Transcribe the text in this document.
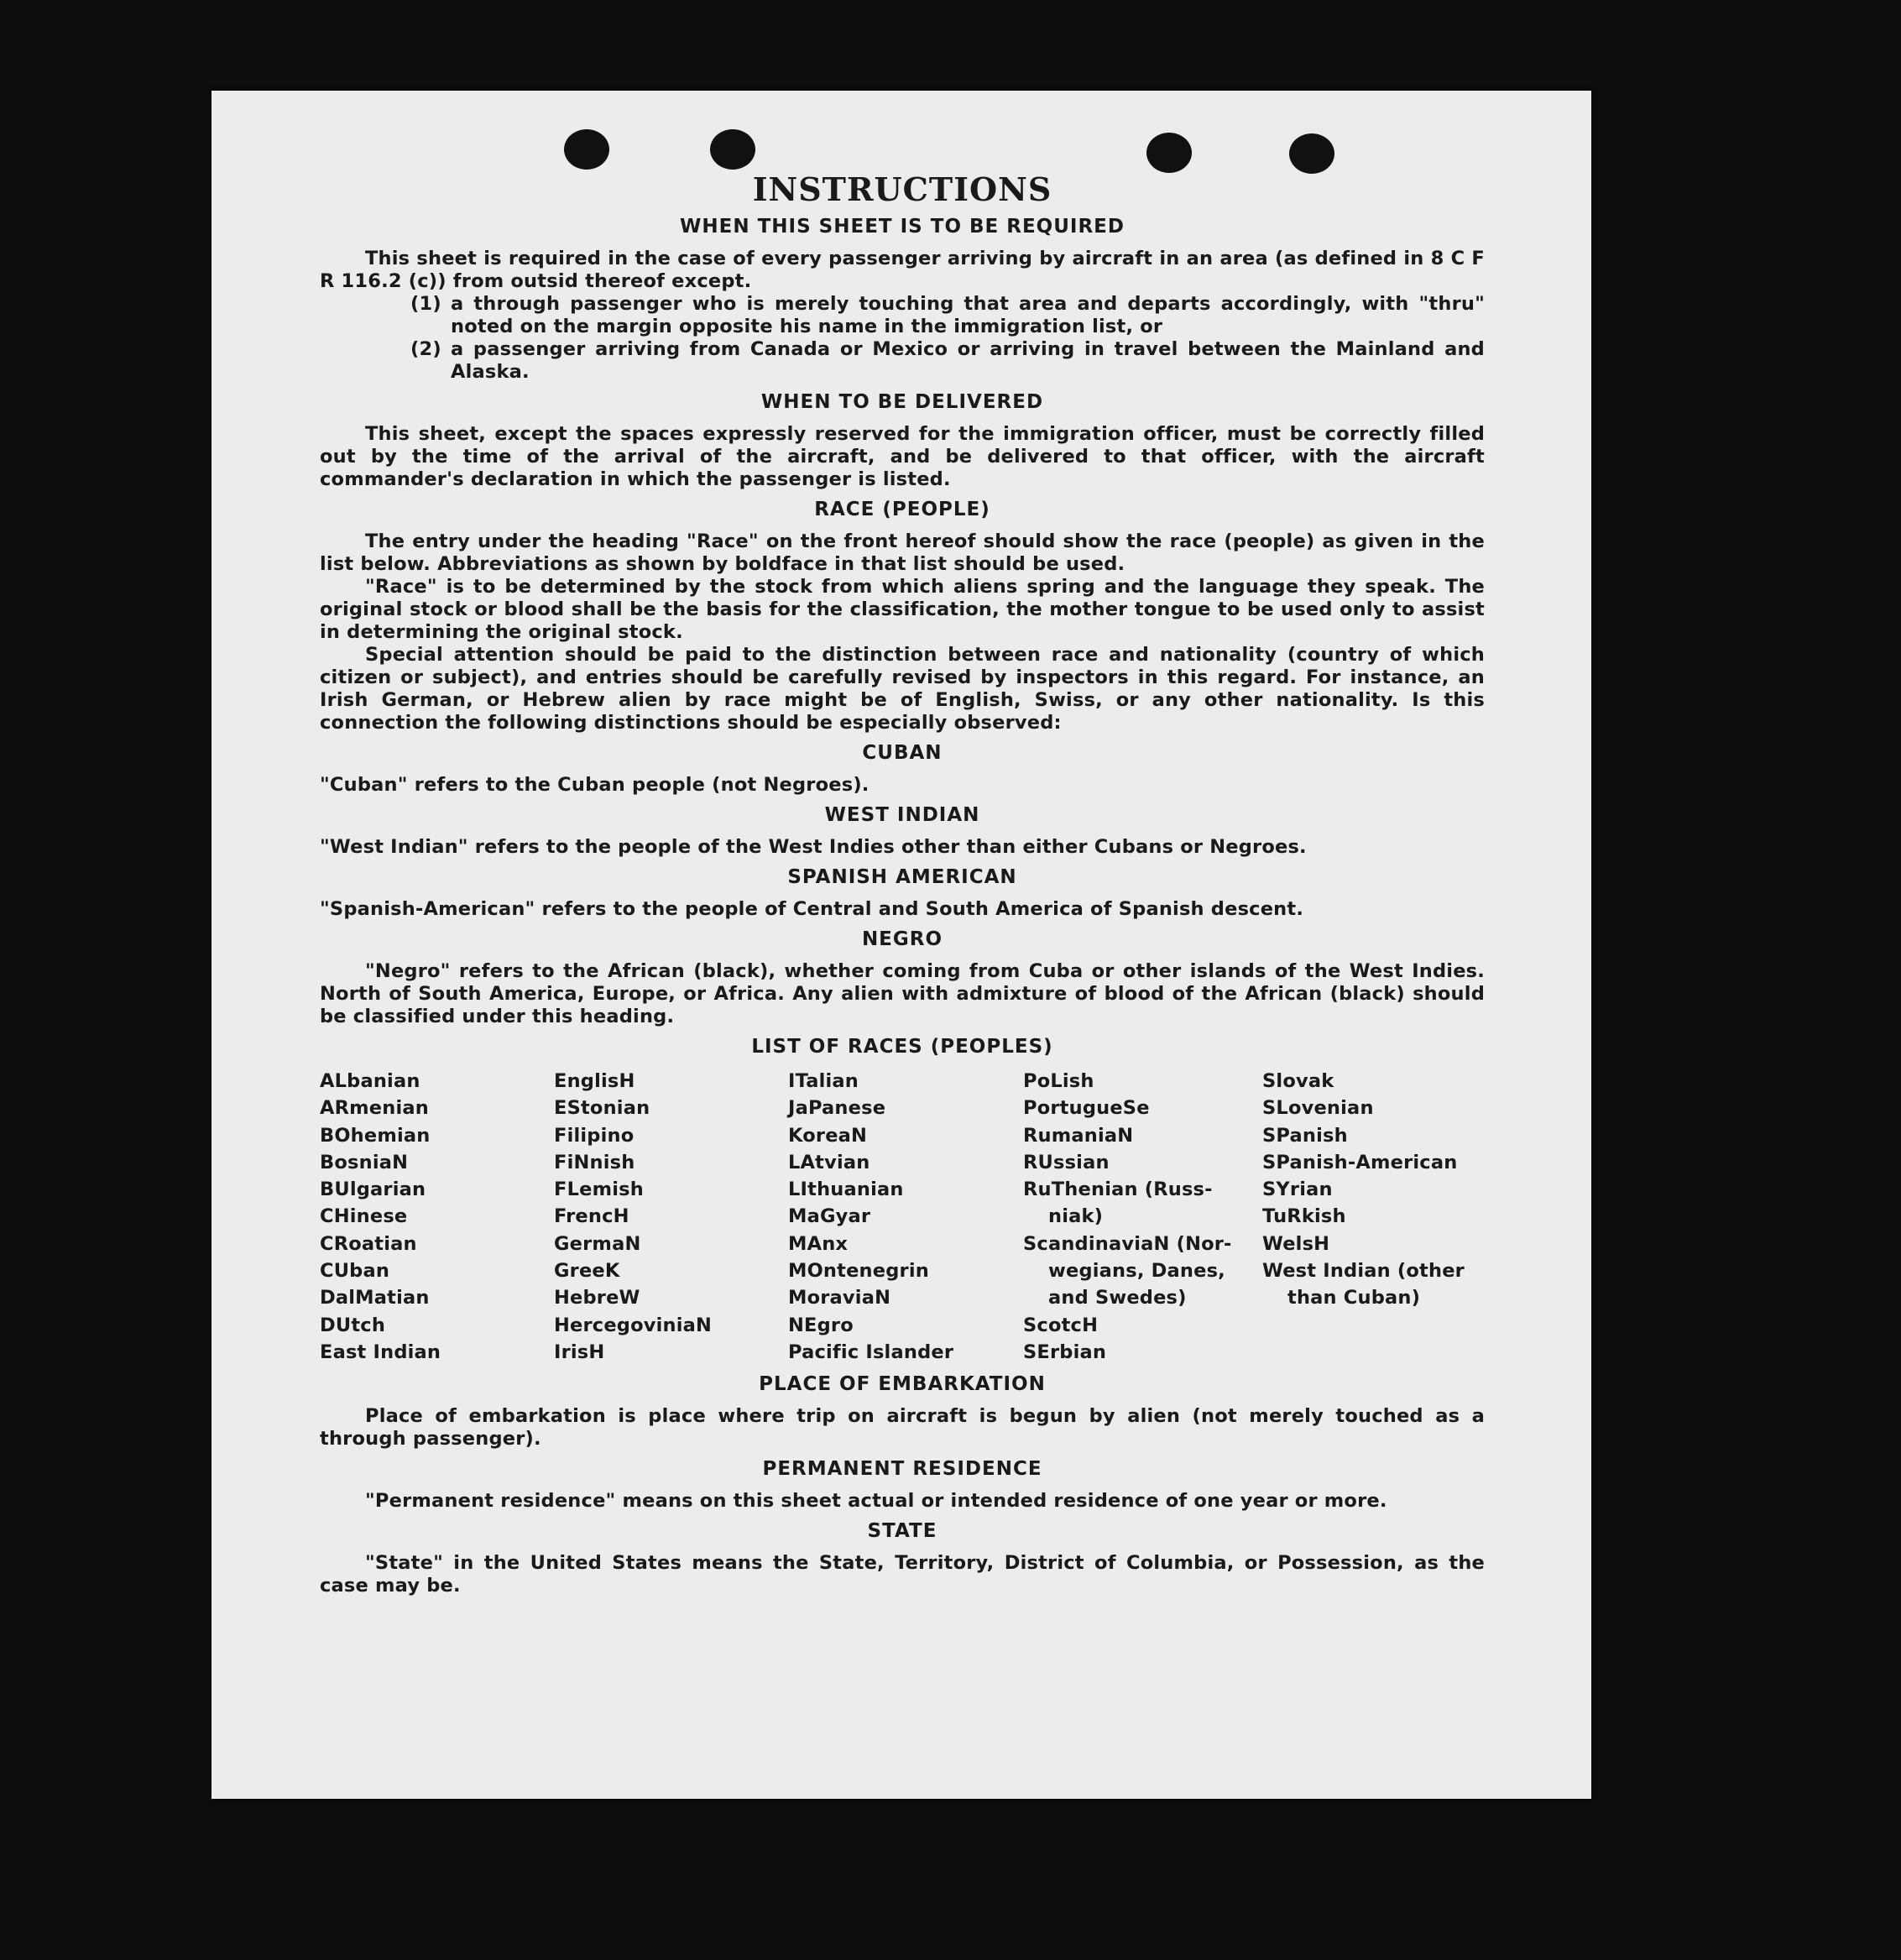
INSTRUCTIONS
WHEN THIS SHEET IS TO BE REQUIRED

This sheet is required in the case of every passenger arriving by aircraft in an area (as defined in 8 C F R 116.2 (c)) from outsid thereof except.

(1) a through passenger who is merely touching that area and departs accordingly, with "thru" noted on the margin opposite his name in the immigration list, or
(2) a passenger arriving from Canada or Mexico or arriving in travel between the Mainland and Alaska.
WHEN TO BE DELIVERED

This sheet, except the spaces expressly reserved for the immigration officer, must be correctly filled out by the time of the arrival of the aircraft, and be delivered to that officer, with the aircraft commander's declaration in which the passenger is listed.

RACE (PEOPLE)

The entry under the heading "Race" on the front hereof should show the race (people) as given in the list below. Abbreviations as shown by boldface in that list should be used.

"Race" is to be determined by the stock from which aliens spring and the language they speak. The original stock or blood shall be the basis for the classification, the mother tongue to be used only to assist in determining the original stock.

Special attention should be paid to the distinction between race and nationality (country of which citizen or subject), and entries should be carefully revised by inspectors in this regard. For instance, an Irish German, or Hebrew alien by race might be of English, Swiss, or any other nationality. Is this connection the following distinctions should be especially observed:

CUBAN

"Cuban" refers to the Cuban people (not Negroes).

WEST INDIAN

"West Indian" refers to the people of the West Indies other than either Cubans or Negroes.

SPANISH AMERICAN

"Spanish-American" refers to the people of Central and South America of Spanish descent.

NEGRO

"Negro" refers to the African (black), whether coming from Cuba or other islands of the West Indies. North of South America, Europe, or Africa. Any alien with admixture of blood of the African (black) should be classified under this heading.

LIST OF RACES (PEOPLES)
ALbanian
ARmenian
BOhemian
BosniaN
BUlgarian
CHinese
CRoatian
CUban
DalMatian
DUtch
East Indian
EnglisH
EStonian
Filipino
FiNnish
FLemish
FrencH
GermaN
GreeK
HebreW
HercegoviniaN
IrisH
ITalian
JaPanese
KoreaN
LAtvian
LIthuanian
MaGyar
MAnx
MOntenegrin
MoraviaN
NEgro
Pacific Islander
PoLish
PortugueSe
RumaniaN
RUssian
RuThenian (Russ-
niak)
ScandinaviaN (Nor-
wegians, Danes,
and Swedes)
ScotcH
SErbian
Slovak
SLovenian
SPanish
SPanish-American
SYrian
TuRkish
WelsH
West Indian (other
than Cuban)
PLACE OF EMBARKATION

Place of embarkation is place where trip on aircraft is begun by alien (not merely touched as a through passenger).

PERMANENT RESIDENCE

"Permanent residence" means on this sheet actual or intended residence of one year or more.

STATE

"State" in the United States means the State, Territory, District of Columbia, or Possession, as the case may be.
